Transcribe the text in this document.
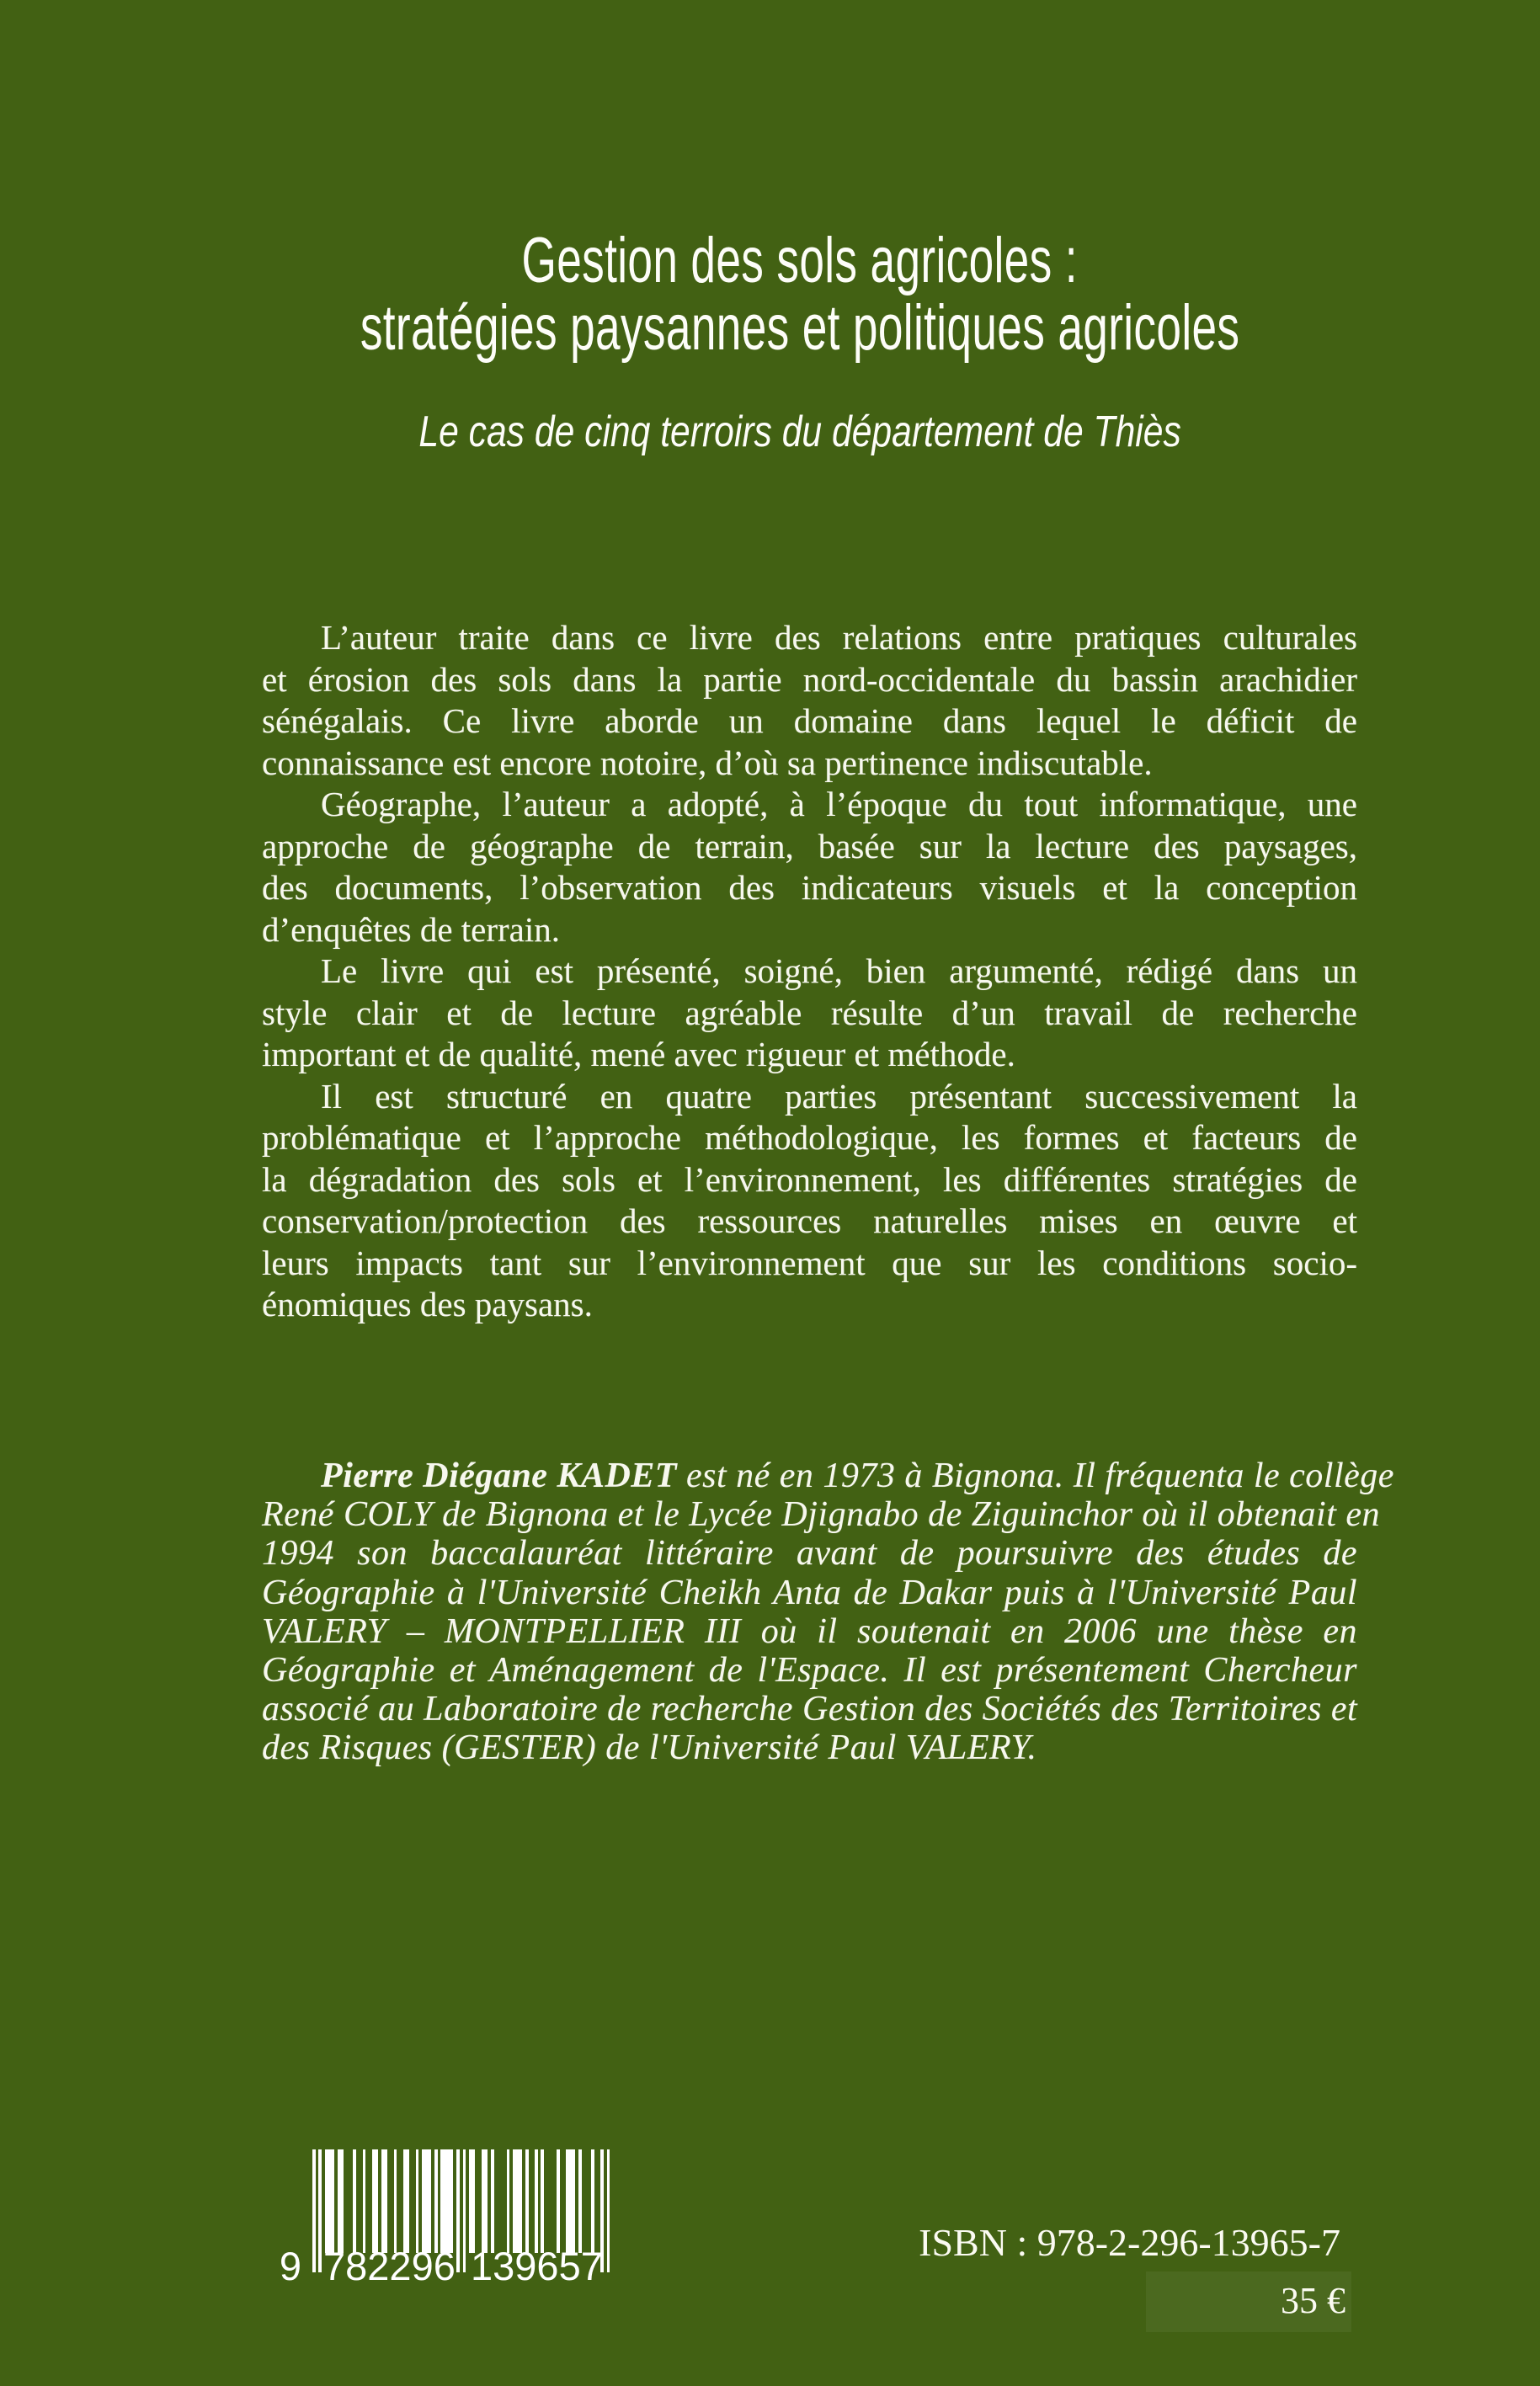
Gestion des sols agricoles :
stratégies paysannes et politiques agricoles
Le cas de cinq terroirs du département de Thiès
L’auteur traite dans ce livre des relations entre pratiques culturales
et érosion des sols dans la partie nord-occidentale du bassin arachidier
sénégalais. Ce livre aborde un domaine dans lequel le déficit de
connaissance est encore notoire, d’où sa pertinence indiscutable.
Géographe, l’auteur a adopté, à l’époque du tout informatique, une
approche de géographe de terrain, basée sur la lecture des paysages,
des documents, l’observation des indicateurs visuels et la conception
d’enquêtes de terrain.
Le livre qui est présenté, soigné, bien argumenté, rédigé dans un
style clair et de lecture agréable résulte d’un travail de recherche
important et de qualité, mené avec rigueur et méthode.
Il est structuré en quatre parties présentant successivement la
problématique et l’approche méthodologique, les formes et facteurs de
la dégradation des sols et l’environnement, les différentes stratégies de
conservation/protection des ressources naturelles mises en œuvre et
leurs impacts tant sur l’environnement que sur les conditions socio-
énomiques des paysans.
Pierre Diégane KADET est né en 1973 à Bignona. Il fréquenta le collège
René COLY de Bignona et le Lycée Djignabo de Ziguinchor où il obtenait en
1994 son baccalauréat littéraire avant de poursuivre des études de
Géographie à l'Université Cheikh Anta de Dakar puis à l'Université Paul
VALERY – MONTPELLIER III où il soutenait en 2006 une thèse en
Géographie et Aménagement de l'Espace. Il est présentement Chercheur
associé au Laboratoire de recherche Gestion des Sociétés des Territoires et
des Risques (GESTER) de l'Université Paul VALERY.
9 7 8 2 2 9 6 1 3 9 6 5 7
ISBN : 978-2-296-13965-7
35 €
